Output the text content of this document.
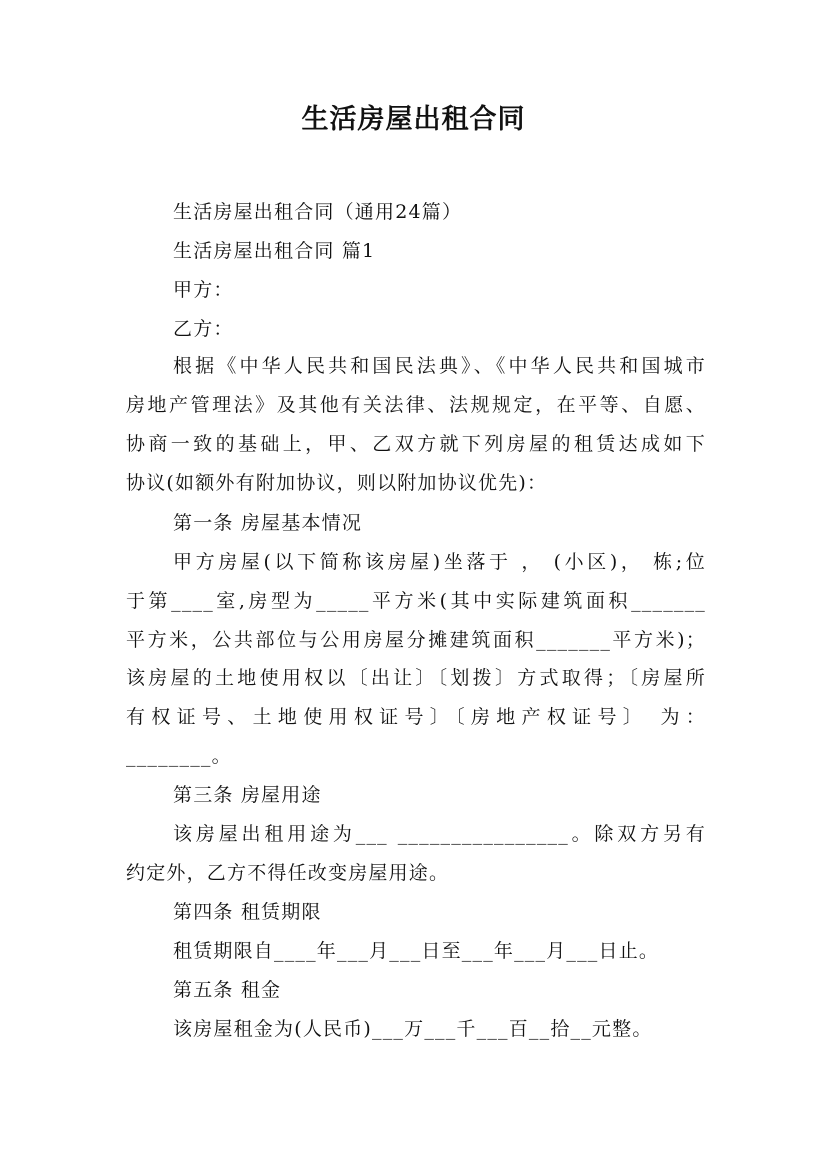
生活房屋出租合同
生活房屋出租合同（通用24篇）
生活房屋出租合同 篇1
甲方：
乙方：
根据《中华人民共和国民法典》、《中华人民共和国城市
房地产管理法》及其他有关法律、法规规定，在平等、自愿、
协商一致的基础上，甲、乙双方就下列房屋的租赁达成如下
协议(如额外有附加协议，则以附加协议优先)：
第一条 房屋基本情况
甲方房屋(以下简称该房屋)坐落于 ， (小区)， 栋;位
于第____室,房型为_____平方米(其中实际建筑面积_______
平方米，公共部位与公用房屋分摊建筑面积_______平方米)；
该房屋的土地使用权以〔出让〕〔划拨〕方式取得；〔房屋所
有权证号、土地使用权证号〕〔房地产权证号〕 为：
________。
第三条 房屋用途
该房屋出租用途为___ ________________。除双方另有
约定外，乙方不得任改变房屋用途。
第四条 租赁期限
租赁期限自____年___月___日至___年___月___日止。
第五条 租金
该房屋租金为(人民币)___万___千___百__拾__元整。
